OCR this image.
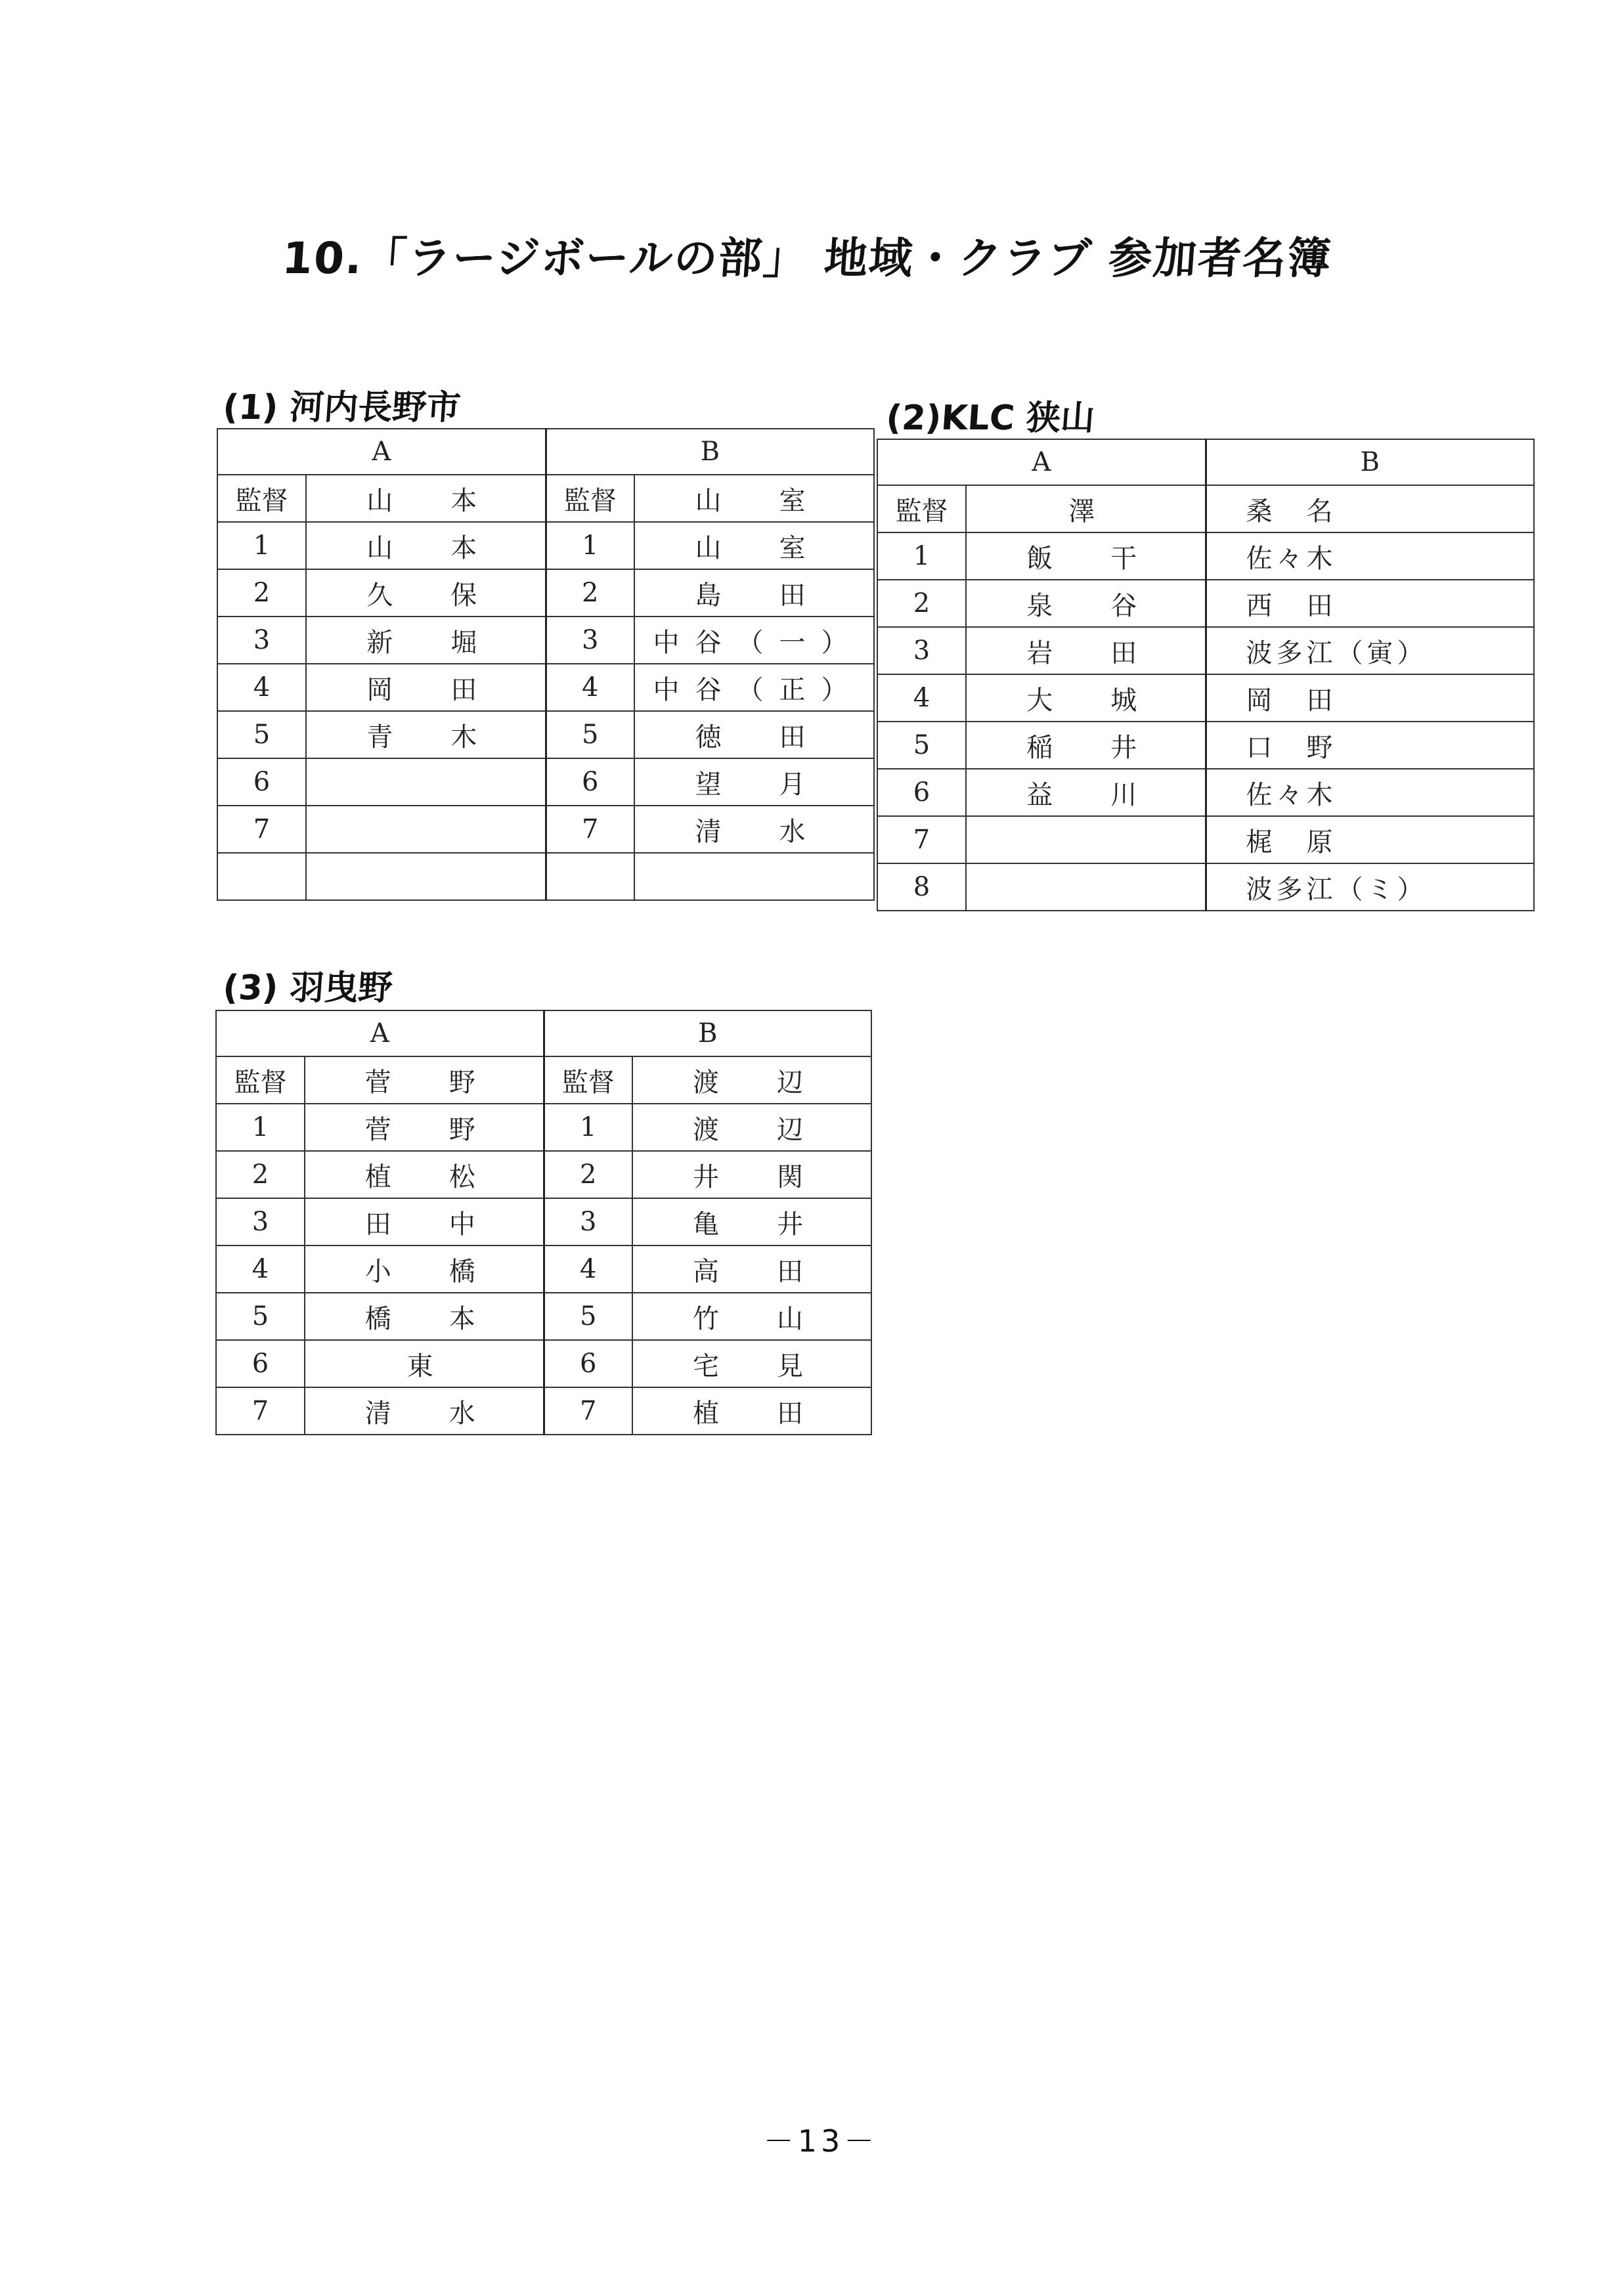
10.「ラージボールの部」 地域・クラブ 参加者名簿
(1) 河内長野市
A		B	
監督	山　本	監督	山　室
1	山　本	1	山　室
2	久　保	2	島　田
3	新　堀	3	中谷（一）
4	岡　田	4	中谷（正）
5	青　木	5	徳　田
6		6	望　月
7		7	清　水

(2)KLC 狭山
A		B
監督	澤	桑　名
1	飯　干	佐々木
2	泉　谷	西　田
3	岩　田	波多江（寅）
4	大　城	岡　田
5	稲　井	口　野
6	益　川	佐々木
7		梶　原
8		波多江（ミ）
(3) 羽曳野
A		B	
監督	菅　野	監督	渡　辺
1	菅　野	1	渡　辺
2	植　松	2	井　関
3	田　中	3	亀　井
4	小　橋	4	高　田
5	橋　本	5	竹　山
6	東	6	宅　見
7	清　水	7	植　田
－13－
